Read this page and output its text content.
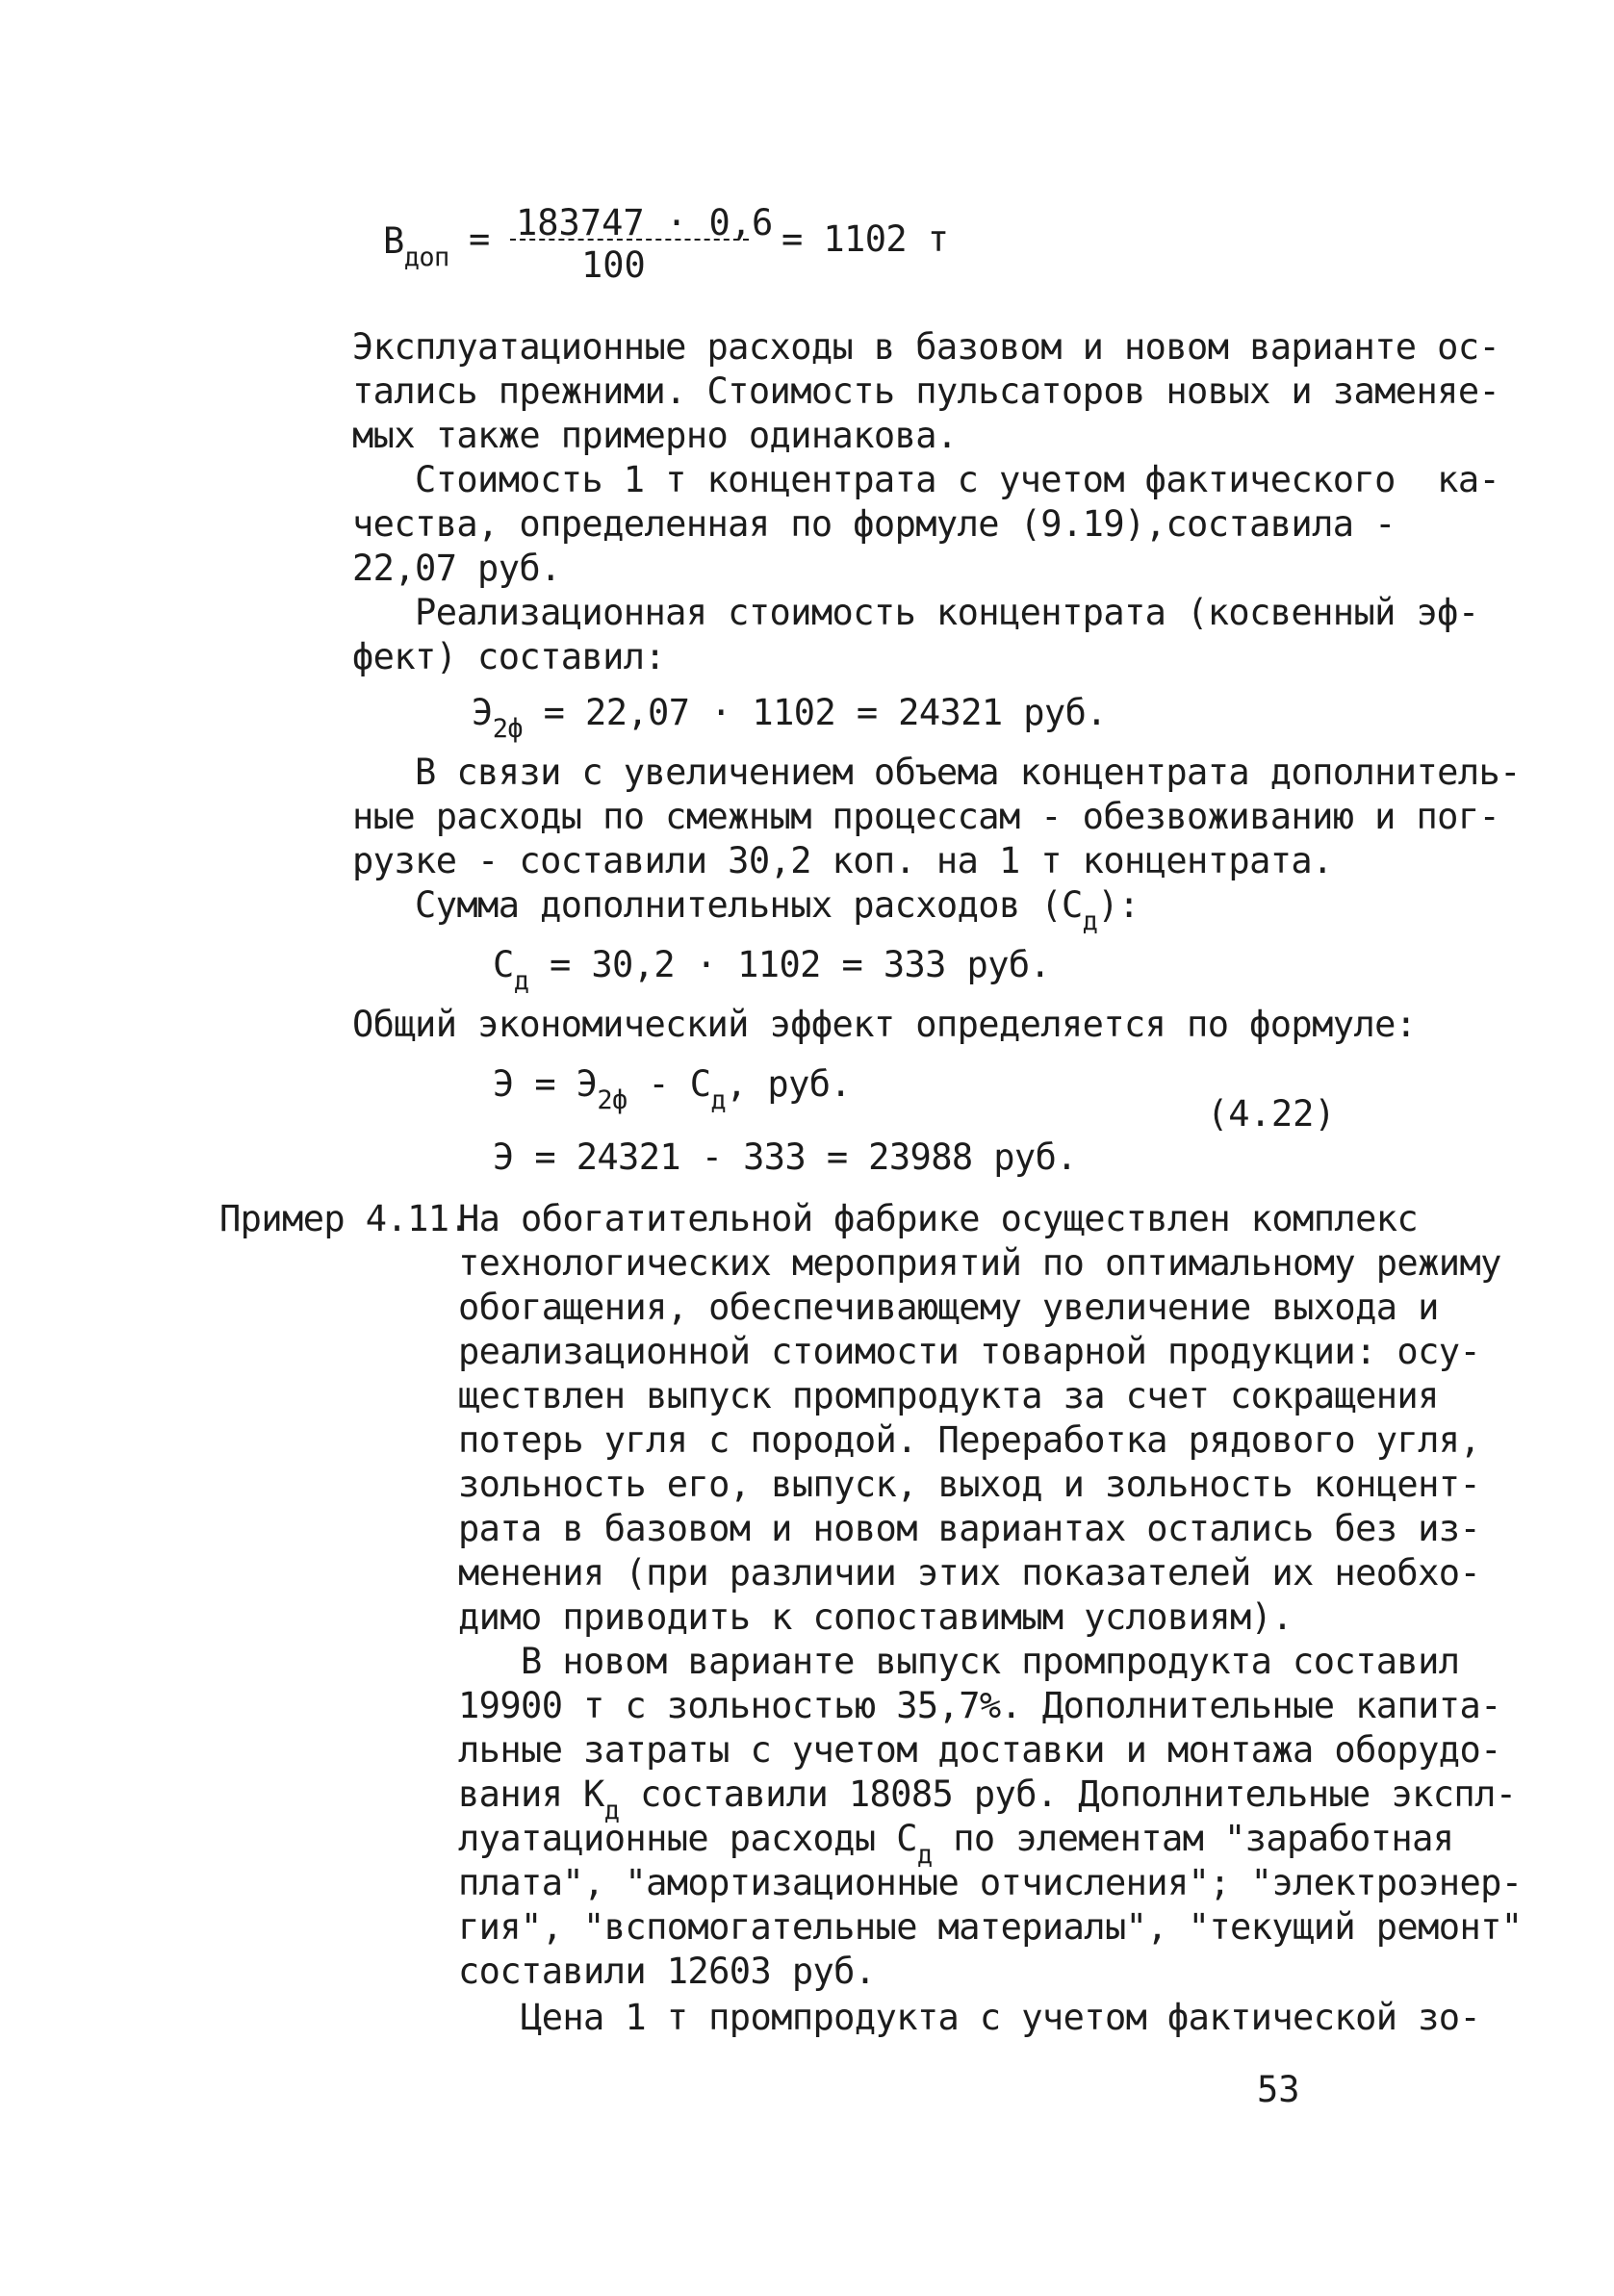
$В_{доп} = 183747 \cdot 0,6$
100
= 1102 т
Эксплуатационные расходы в базовом и новом варианте ос-
тались прежними. Стоимость пульсаторов новых и заменяе-
мых также примерно одинакова.
Стоимость 1 т концентрата с учетом фактического  ка-
чества, определенная по формуле (9.19),составила -
22,07 руб.
Реализационная стоимость концентрата (косвенный эф-
фект) составил:
$Э_{2ф} = 22,07 \cdot 1102 = 24321$ руб.
В связи с увеличением объема концентрата дополнитель-
ные расходы по смежным процессам - обезвоживанию и пог-
рузке - составили 30,2 коп. на 1 т концентрата.
Сумма дополнительных расходов $(С_д)$:
$С_д = 30,2 \cdot 1102 = 333$ руб.
Общий экономический эффект определяется по формуле:
$Э = Э_{2ф} - С_д$, руб.
(4.22)
Э = 24321 - 333 = 23988 руб.
Пример 4.11.
На обогатительной фабрике осуществлен комплекс
технологических мероприятий по оптимальному режиму
обогащения, обеспечивающему увеличение выхода и
реализационной стоимости товарной продукции: осу-
ществлен выпуск промпродукта за счет сокращения
потерь угля с породой. Переработка рядового угля,
зольность его, выпуск, выход и зольность концент-
рата в базовом и новом вариантах остались без из-
менения (при различии этих показателей их необхо-
димо приводить к сопоставимым условиям).
В новом варианте выпуск промпродукта составил
19900 т с зольностью 35,7%. Дополнительные капита-
льные затраты с учетом доставки и монтажа оборудо-
вания $К_д$ составили 18085 руб. Дополнительные экспл-
луатационные расходы $С_д$ по элементам "заработная
плата", "амортизационные отчисления"; "электроэнер-
гия", "вспомогательные материалы", "текущий ремонт"
составили 12603 руб.
Цена 1 т промпродукта с учетом фактической зо-
53
